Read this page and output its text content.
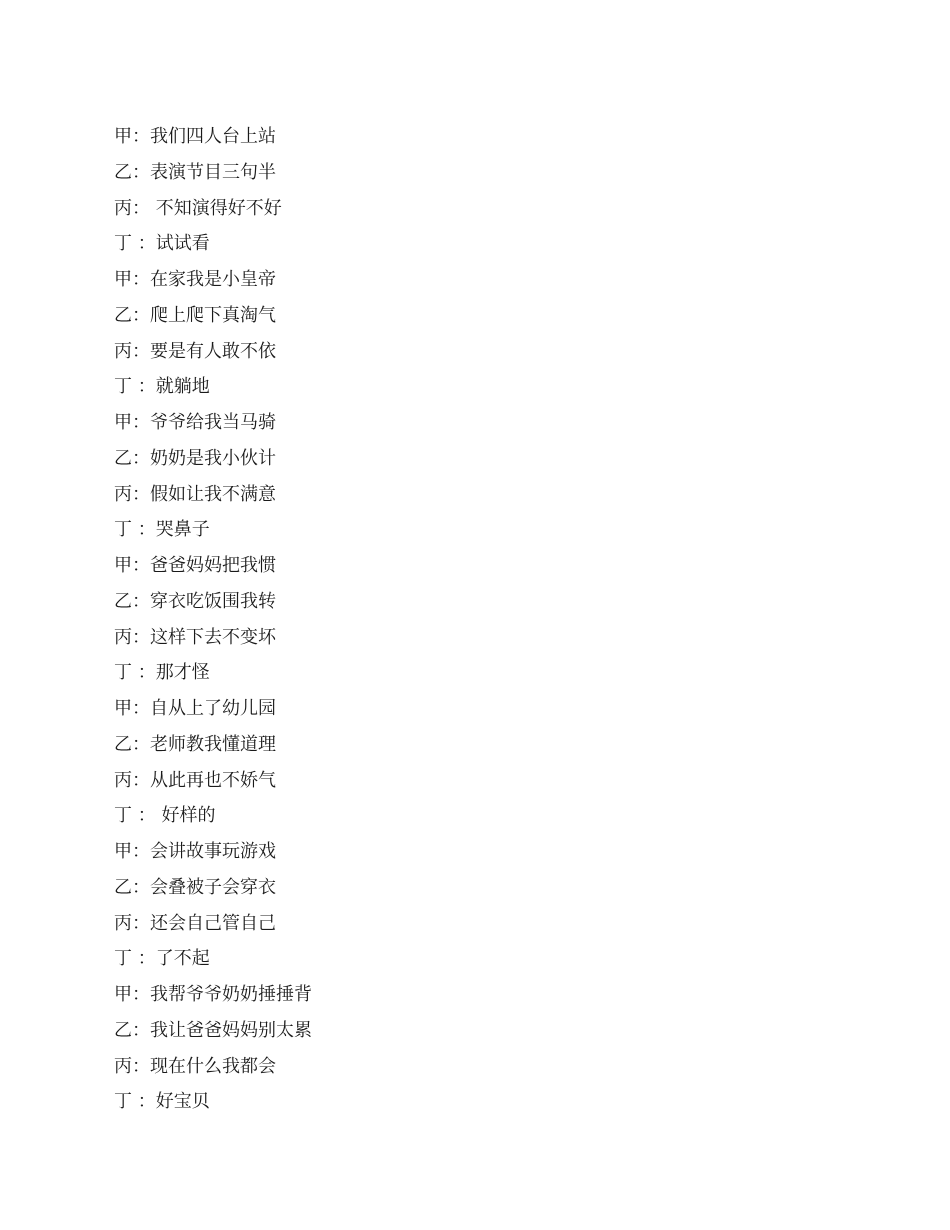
甲：我们四人台上站
乙：表演节目三句半
丙： 不知演得好不好
丁 ：试试看
甲：在家我是小皇帝
乙：爬上爬下真淘气
丙：要是有人敢不依
丁 ：就躺地
甲：爷爷给我当马骑
乙：奶奶是我小伙计
丙：假如让我不满意
丁 ：哭鼻子
甲：爸爸妈妈把我惯
乙：穿衣吃饭围我转
丙：这样下去不变坏
丁 ：那才怪
甲：自从上了幼儿园
乙：老师教我懂道理
丙：从此再也不娇气
丁 ： 好样的
甲：会讲故事玩游戏
乙：会叠被子会穿衣
丙：还会自己管自己
丁 ：了不起
甲：我帮爷爷奶奶捶捶背
乙：我让爸爸妈妈别太累
丙：现在什么我都会
丁 ：好宝贝
